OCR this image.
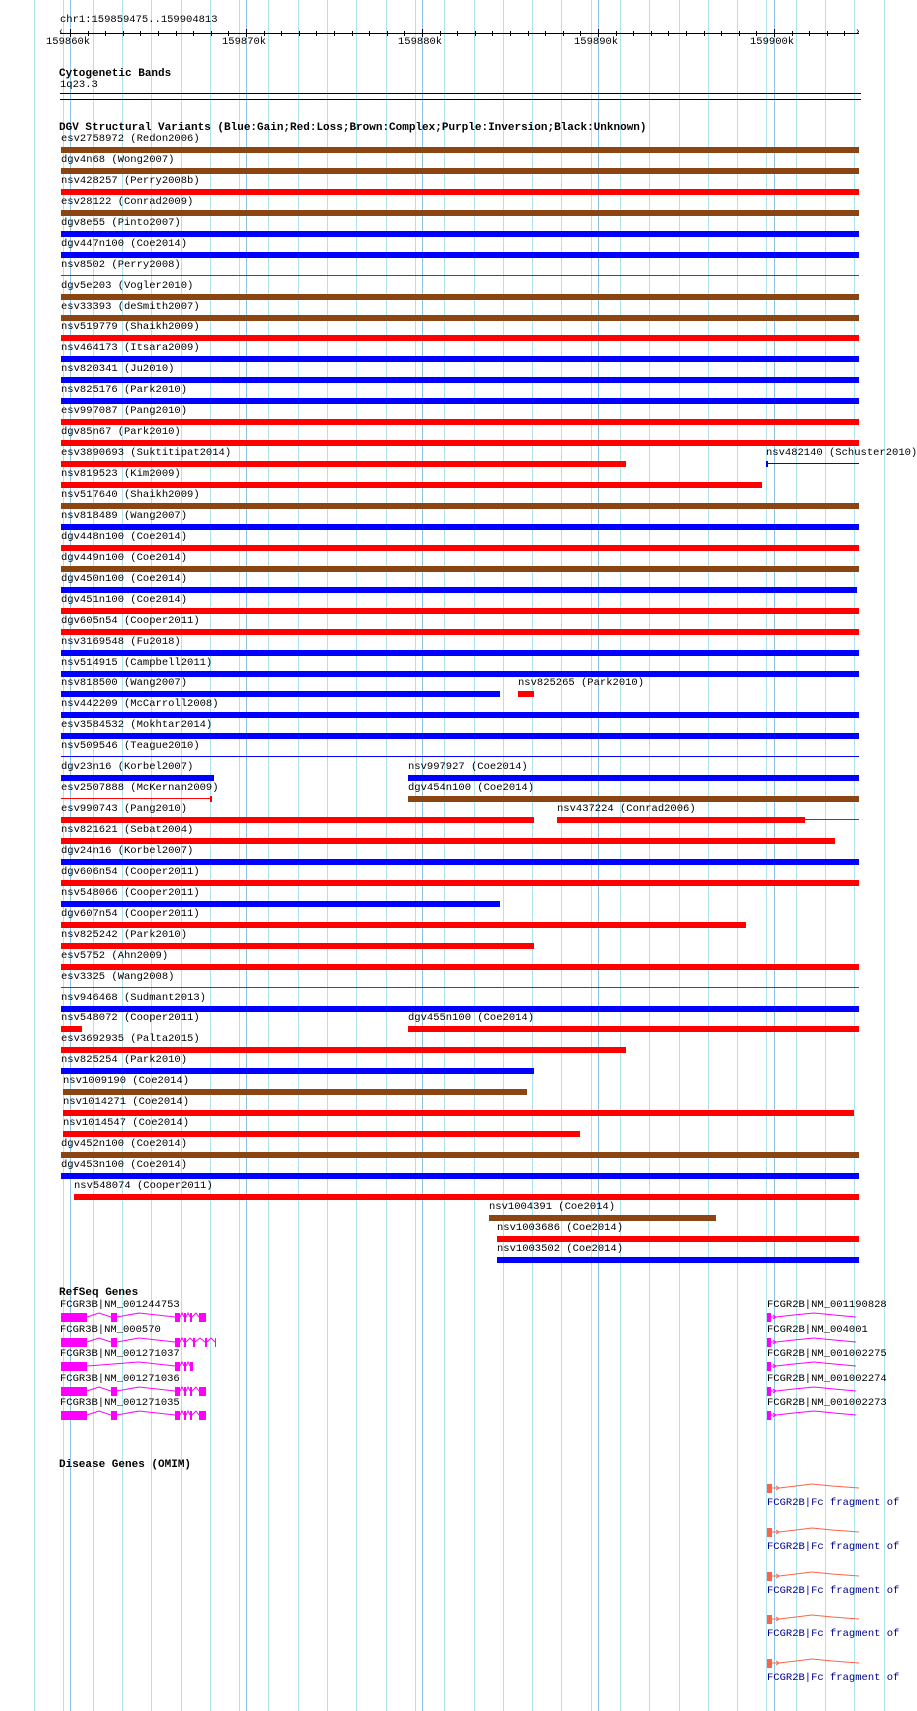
chr1:159859475..159904813
‹	›
159860k	159870k	159880k	159890k	159900k
Cytogenetic Bands
1q23.3
DGV Structural Variants (Blue:Gain;Red:Loss;Brown:Complex;Purple:Inversion;Black:Unknown)
esv2758972 (Redon2006)
dgv4n68 (Wong2007)
nsv428257 (Perry2008b)
esv28122 (Conrad2009)
dgv8e55 (Pinto2007)
dgv447n100 (Coe2014)
nsv8502 (Perry2008)
dgv5e203 (Vogler2010)
esv33393 (deSmith2007)
nsv519779 (Shaikh2009)
nsv464173 (Itsara2009)
nsv820341 (Ju2010)
nsv825176 (Park2010)
esv997087 (Pang2010)
dgv85n67 (Park2010)
esv3890693 (Suktitipat2014)	nsv482140 (Schuster2010)
nsv819523 (Kim2009)
nsv517640 (Shaikh2009)
nsv818489 (Wang2007)
dgv448n100 (Coe2014)
dgv449n100 (Coe2014)
dgv450n100 (Coe2014)
dgv451n100 (Coe2014)
dgv605n54 (Cooper2011)
nsv3169548 (Fu2018)
nsv514915 (Campbell2011)
nsv818500 (Wang2007)	nsv825265 (Park2010)
nsv442209 (McCarroll2008)
esv3584532 (Mokhtar2014)
nsv509546 (Teague2010)
dgv23n16 (Korbel2007)	nsv997927 (Coe2014)
esv2507888 (McKernan2009)	dgv454n100 (Coe2014)
esv990743 (Pang2010)	nsv437224 (Conrad2006)
nsv821621 (Sebat2004)
dgv24n16 (Korbel2007)
dgv606n54 (Cooper2011)
nsv548066 (Cooper2011)
dgv607n54 (Cooper2011)
nsv825242 (Park2010)
esv5752 (Ahn2009)
esv3325 (Wang2008)
nsv946468 (Sudmant2013)
nsv548072 (Cooper2011)	dgv455n100 (Coe2014)
esv3692935 (Palta2015)
nsv825254 (Park2010)
nsv1009190 (Coe2014)
nsv1014271 (Coe2014)
nsv1014547 (Coe2014)
dgv452n100 (Coe2014)
dgv453n100 (Coe2014)
nsv548074 (Cooper2011)
nsv1004391 (Coe2014)
nsv1003686 (Coe2014)
nsv1003502 (Coe2014)
RefSeq Genes
FCGR3B|NM_001244753
FCGR3B|NM_000570
FCGR3B|NM_001271037
FCGR3B|NM_001271036
FCGR3B|NM_001271035
FCGR2B|NM_001190828
FCGR2B|NM_004001
FCGR2B|NM_001002275
FCGR2B|NM_001002274
FCGR2B|NM_001002273
Disease Genes (OMIM)
FCGR2B|Fc fragment of
FCGR2B|Fc fragment of
FCGR2B|Fc fragment of
FCGR2B|Fc fragment of
FCGR2B|Fc fragment of
